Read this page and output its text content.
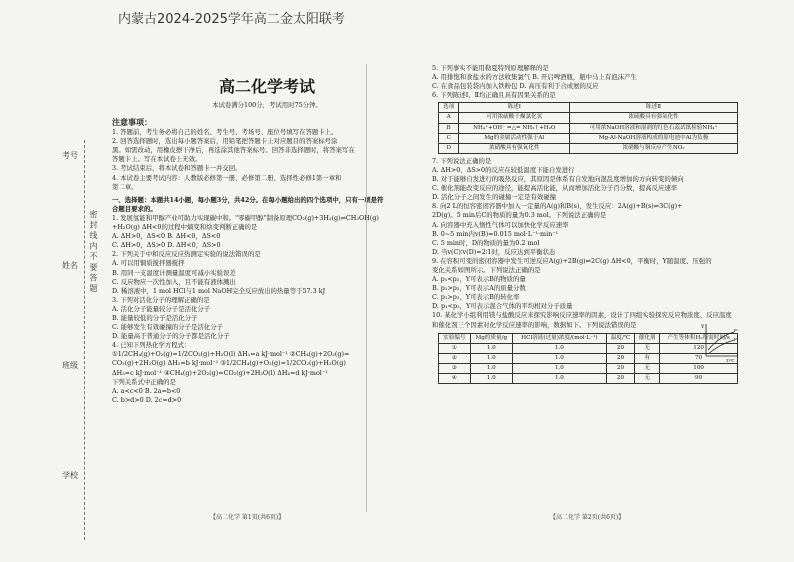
内蒙古2024-2025学年高二金太阳联考
考号
姓名
班级
学校
密 封 线 内 不 要 答 题
高二化学考试
本试卷满分100分，考试用时75分钟。
注意事项：

1. 答题前，考生务必将自己的姓名、考生号、考场号、座位号填写在答题卡上。

2. 回答选择题时，选出每小题答案后，用铅笔把答题卡上对应题目的答案标号涂

黑。如需改动，用橡皮擦干净后，再选涂其他答案标号。回答非选择题时，将答案写在

答题卡上。写在本试卷上无效。

3. 考试结束后，将本试卷和答题卡一并交回。

4. 本试卷主要考试内容：人教版必修第一册、必修第二册、选择性必修1第一章和

第二章。

一、选择题：本题共14小题，每小题3分，共42分。在每小题给出的四个选项中，只有一项是符

合题目要求的。

1. 发展氢能和甲醇产业可助力实现碳中和。"零碳甲醇"制备原理CO₂(g)+3H₂(g)⇌CH₃OH(g)

+H₂O(g) ΔH<0的过程中熵变和焓变判断正确的是

A. ΔH>0，ΔS<0 B. ΔH<0，ΔS<0

C. ΔH>0，ΔS>0 D. ΔH<0，ΔS>0

2. 下列关于中和反应反应热测定实验的说法错误的是

A. 可以用铜质搅拌器搅拌

B. 用同一支温度计测量温度可减小实验误差

C. 反应物应一次性加入，且不能有液体溅出

D. 稀溶液中，1 mol HCl与1 mol NaOH完全反应放出的热量等于57.3 kJ

3. 下列对活化分子的理解正确的是

A. 活化分子能量较分子是活化分子

B. 能量较低的分子是活化分子

C. 能够发生有效碰撞的分子是活化分子

D. 能量高于普通分子的分子都是活化分子

4. 已知下列热化学方程式：

①1/2CH₄(g)+O₂(g)=1/2CO₂(g)+H₂O(l) ΔH₁=a kJ·mol⁻¹ ②CH₄(g)+2O₂(g)=

CO₂(g)+2H₂O(g) ΔH₂=b kJ·mol⁻¹ ③1/2CH₄(g)+O₂(g)=1/2CO₂(g)+H₂O(g)

ΔH₃=c kJ·mol⁻¹ ④CH₄(g)+2O₂(g)=CO₂(g)+2H₂O(l) ΔH₄=d kJ·mol⁻¹

下列关系式中正确的是

A. a<c<0 B. 2a=b<0

C. b>d>0 D. 2c=d>0

5. 下列事实不能用勒夏特列原理解释的是

A. 用排饱和食盐水的方法收集氯气 B. 开启啤酒瓶，瓶中马上有泡沫产生

C. 在食品包装袋内加入铁粉包 D. 高压有利于合成氨的反应

6. 下列陈述Ⅰ、Ⅱ均正确且具有因果关系的是

选项	陈述Ⅰ	陈述Ⅱ
A	可用浓硫酸干燥氯化氢	浓硫酸具有强氧化性
B	NH₄⁺+OH⁻ =△= NH₃↑+H₂O	可用浓NaOH溶液和湿润的红色石蕊试纸检验NH₄⁺
C	Mg的金属活动性强于Al	Mg-Al-NaOH溶液构成的原电池中Al为负极
D	浓硝酸具有强氧化性	浓硝酸与铜反应产生NO₂

7. 下列说法正确的是

A. ΔH>0、ΔS>0的反应在较低温度下能自发进行

B. 对于能够自发进行的吸热反应，其原因是体系有自发地向混乱度增加的方向转变的倾向

C. 催化剂能改变反应的途径，能提高活化能，从而增加活化分子百分数，提高反应速率

D. 活化分子之间发生的碰撞一定是有效碰撞

8. 向2 L的恒容密闭容器中加入一定量的A(g)和B(s)，发生反应：2A(g)+B(s)⇌3C(g)+

2D(g)。5 min后C的物质的量为0.3 mol。下列说法正确的是

A. 向容器中充入惰性气体可以加快化学反应速率

B. 0~5 min内v(B)=0.015 mol·L⁻¹·min⁻¹

C. 5 min时，D的物质的量为0.2 mol

D. 当v(C)∶v(D)=2∶1时，反应达到平衡状态

9. 在容积可变的密闭容器中发生可逆反应A(g)+2B(g)⇌2C(g) ΔH<0，平衡时，Y随温度、压强的

变化关系如图所示。下列说法正确的是

A. p₁<p₂，Y可表示B的物质的量

B. p₁>p₂，Y可表示A的质量分数

C. p₁>p₂，Y可表示B的转化率

D. p₁<p₂，Y可表示混合气体的平均相对分子质量

10. 某化学小组利用镁与盐酸反应来探究影响反应速率的因素，设计了四组实验探究反应物浓度、反应温度

和催化剂三个因素对化学反应速率的影响，数据如下。下列说法错误的是

实验编号	Mg的质量/g	HCl溶液(过量)浓度/(mol·L⁻¹)	温度/℃	催化剂	产生等体积H₂所需时间/s
①	1.0	1.0	20	无	120
②	1.0	1.0	20	有	70
③	1.0	1.0	20	无	100
④	1.0	1.0	20	无	90
Y
T/℃
p₁
p₂
【高二化学 第1页(共6页)】	【高二化学 第2页(共6页)】
